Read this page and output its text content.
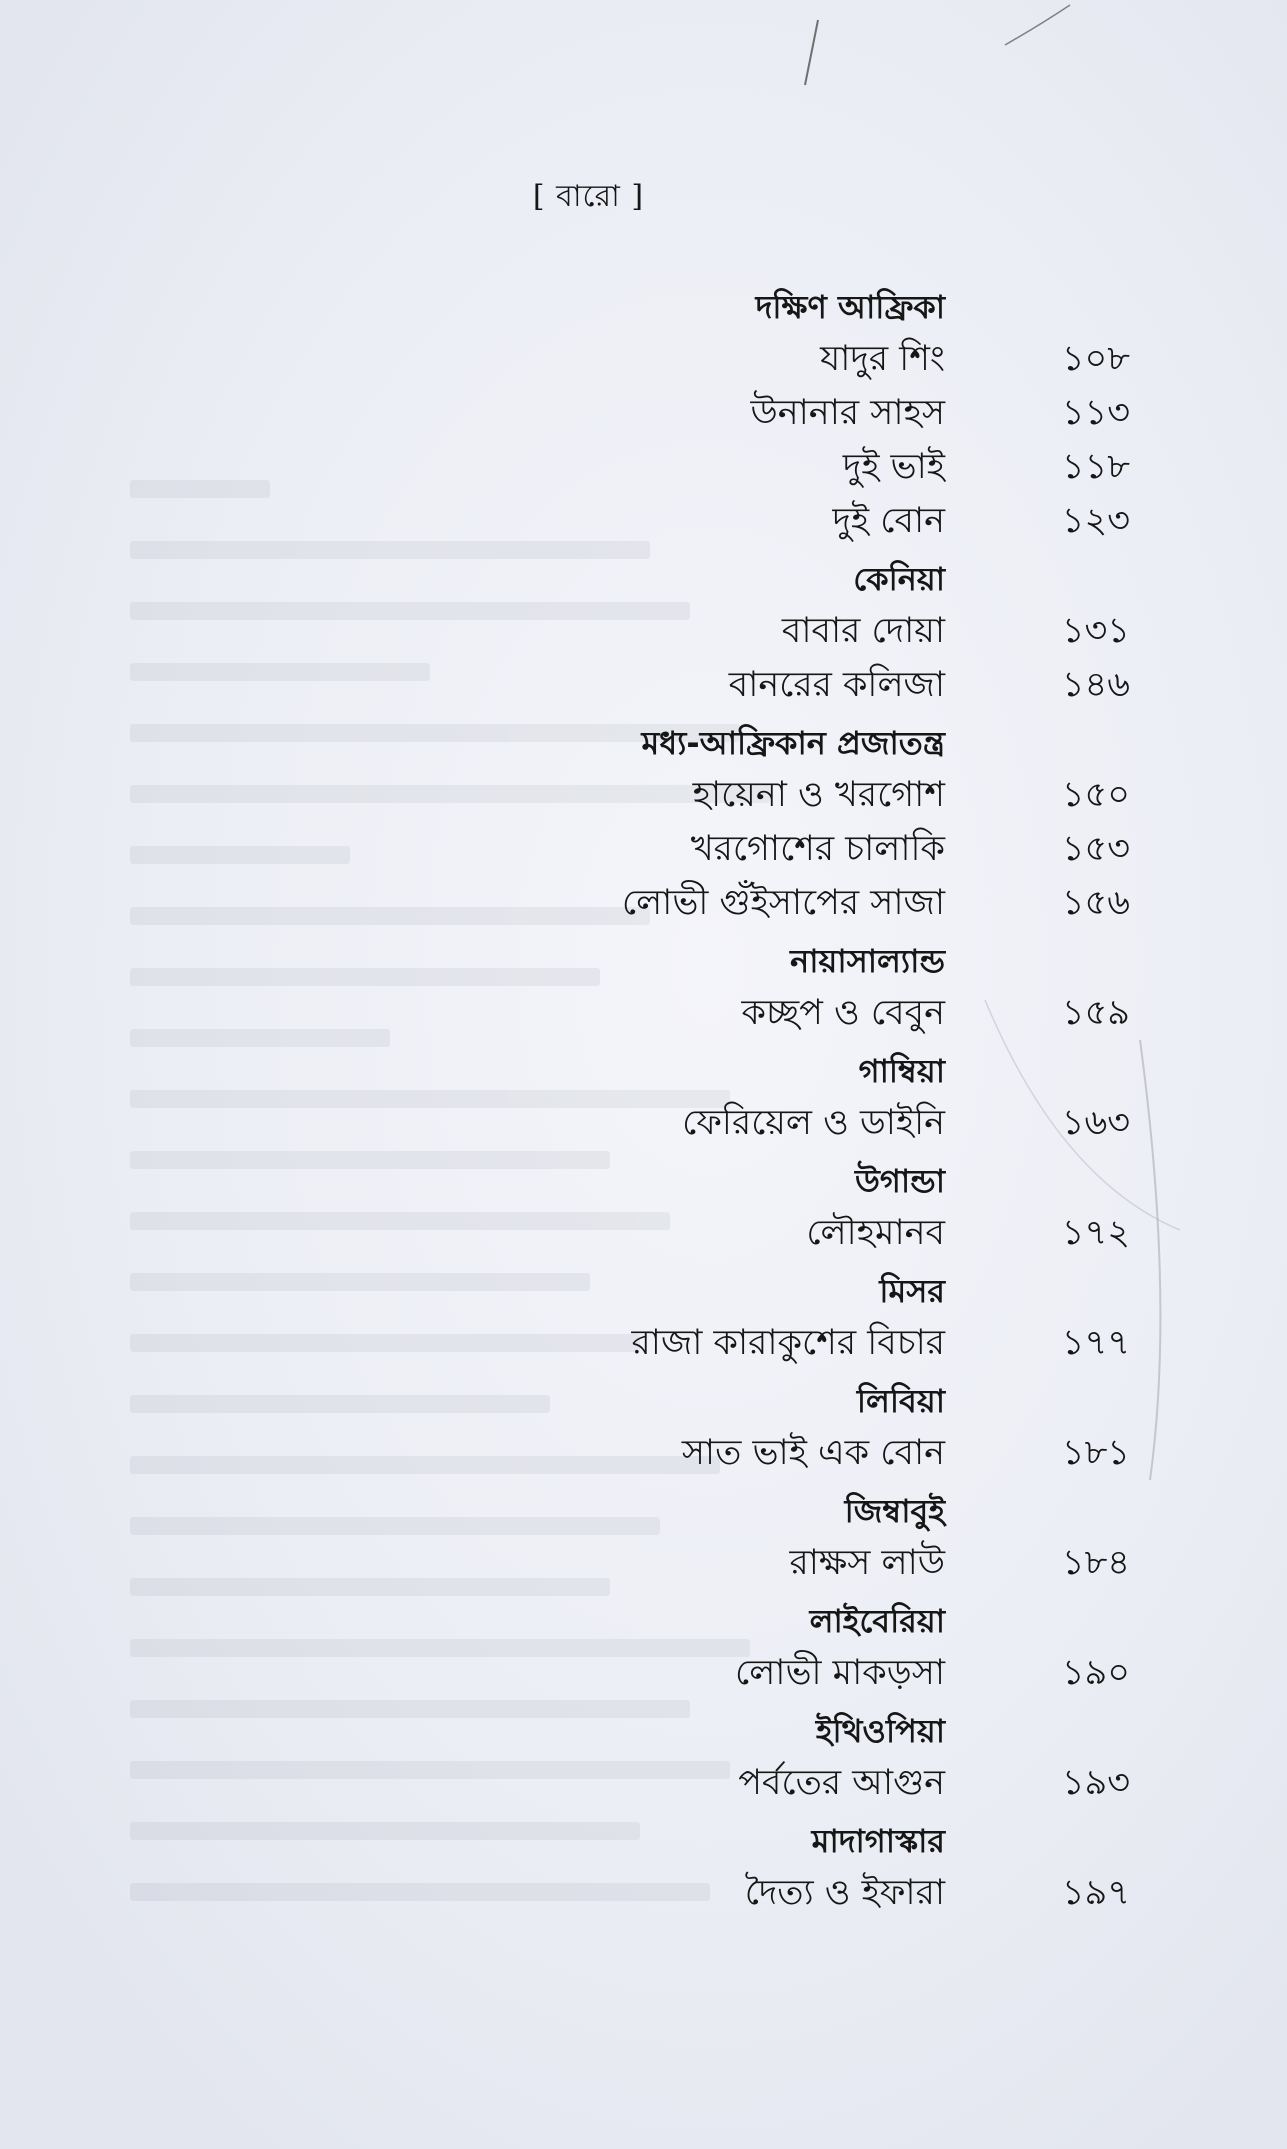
[ বারো ]
দক্ষিণ আফ্রিকা
যাদুর শিং	১০৮
উনানার সাহস	১১৩
দুই ভাই	১১৮
দুই বোন	১২৩
কেনিয়া
বাবার দোয়া	১৩১
বানরের কলিজা	১৪৬
মধ্য-আফ্রিকান প্রজাতন্ত্র
হায়েনা ও খরগোশ	১৫০
খরগোশের চালাকি	১৫৩
লোভী গুঁইসাপের সাজা	১৫৬
নায়াসাল্যান্ড
কচ্ছপ ও বেবুন	১৫৯
গাম্বিয়া
ফেরিয়েল ও ডাইনি	১৬৩
উগান্ডা
লৌহমানব	১৭২
মিসর
রাজা কারাকুশের বিচার	১৭৭
লিবিয়া
সাত ভাই এক বোন	১৮১
জিম্বাবুই
রাক্ষস লাউ	১৮৪
লাইবেরিয়া
লোভী মাকড়সা	১৯০
ইথিওপিয়া
পর্বতের আগুন	১৯৩
মাদাগাস্কার
দৈত্য ও ইফারা	১৯৭
